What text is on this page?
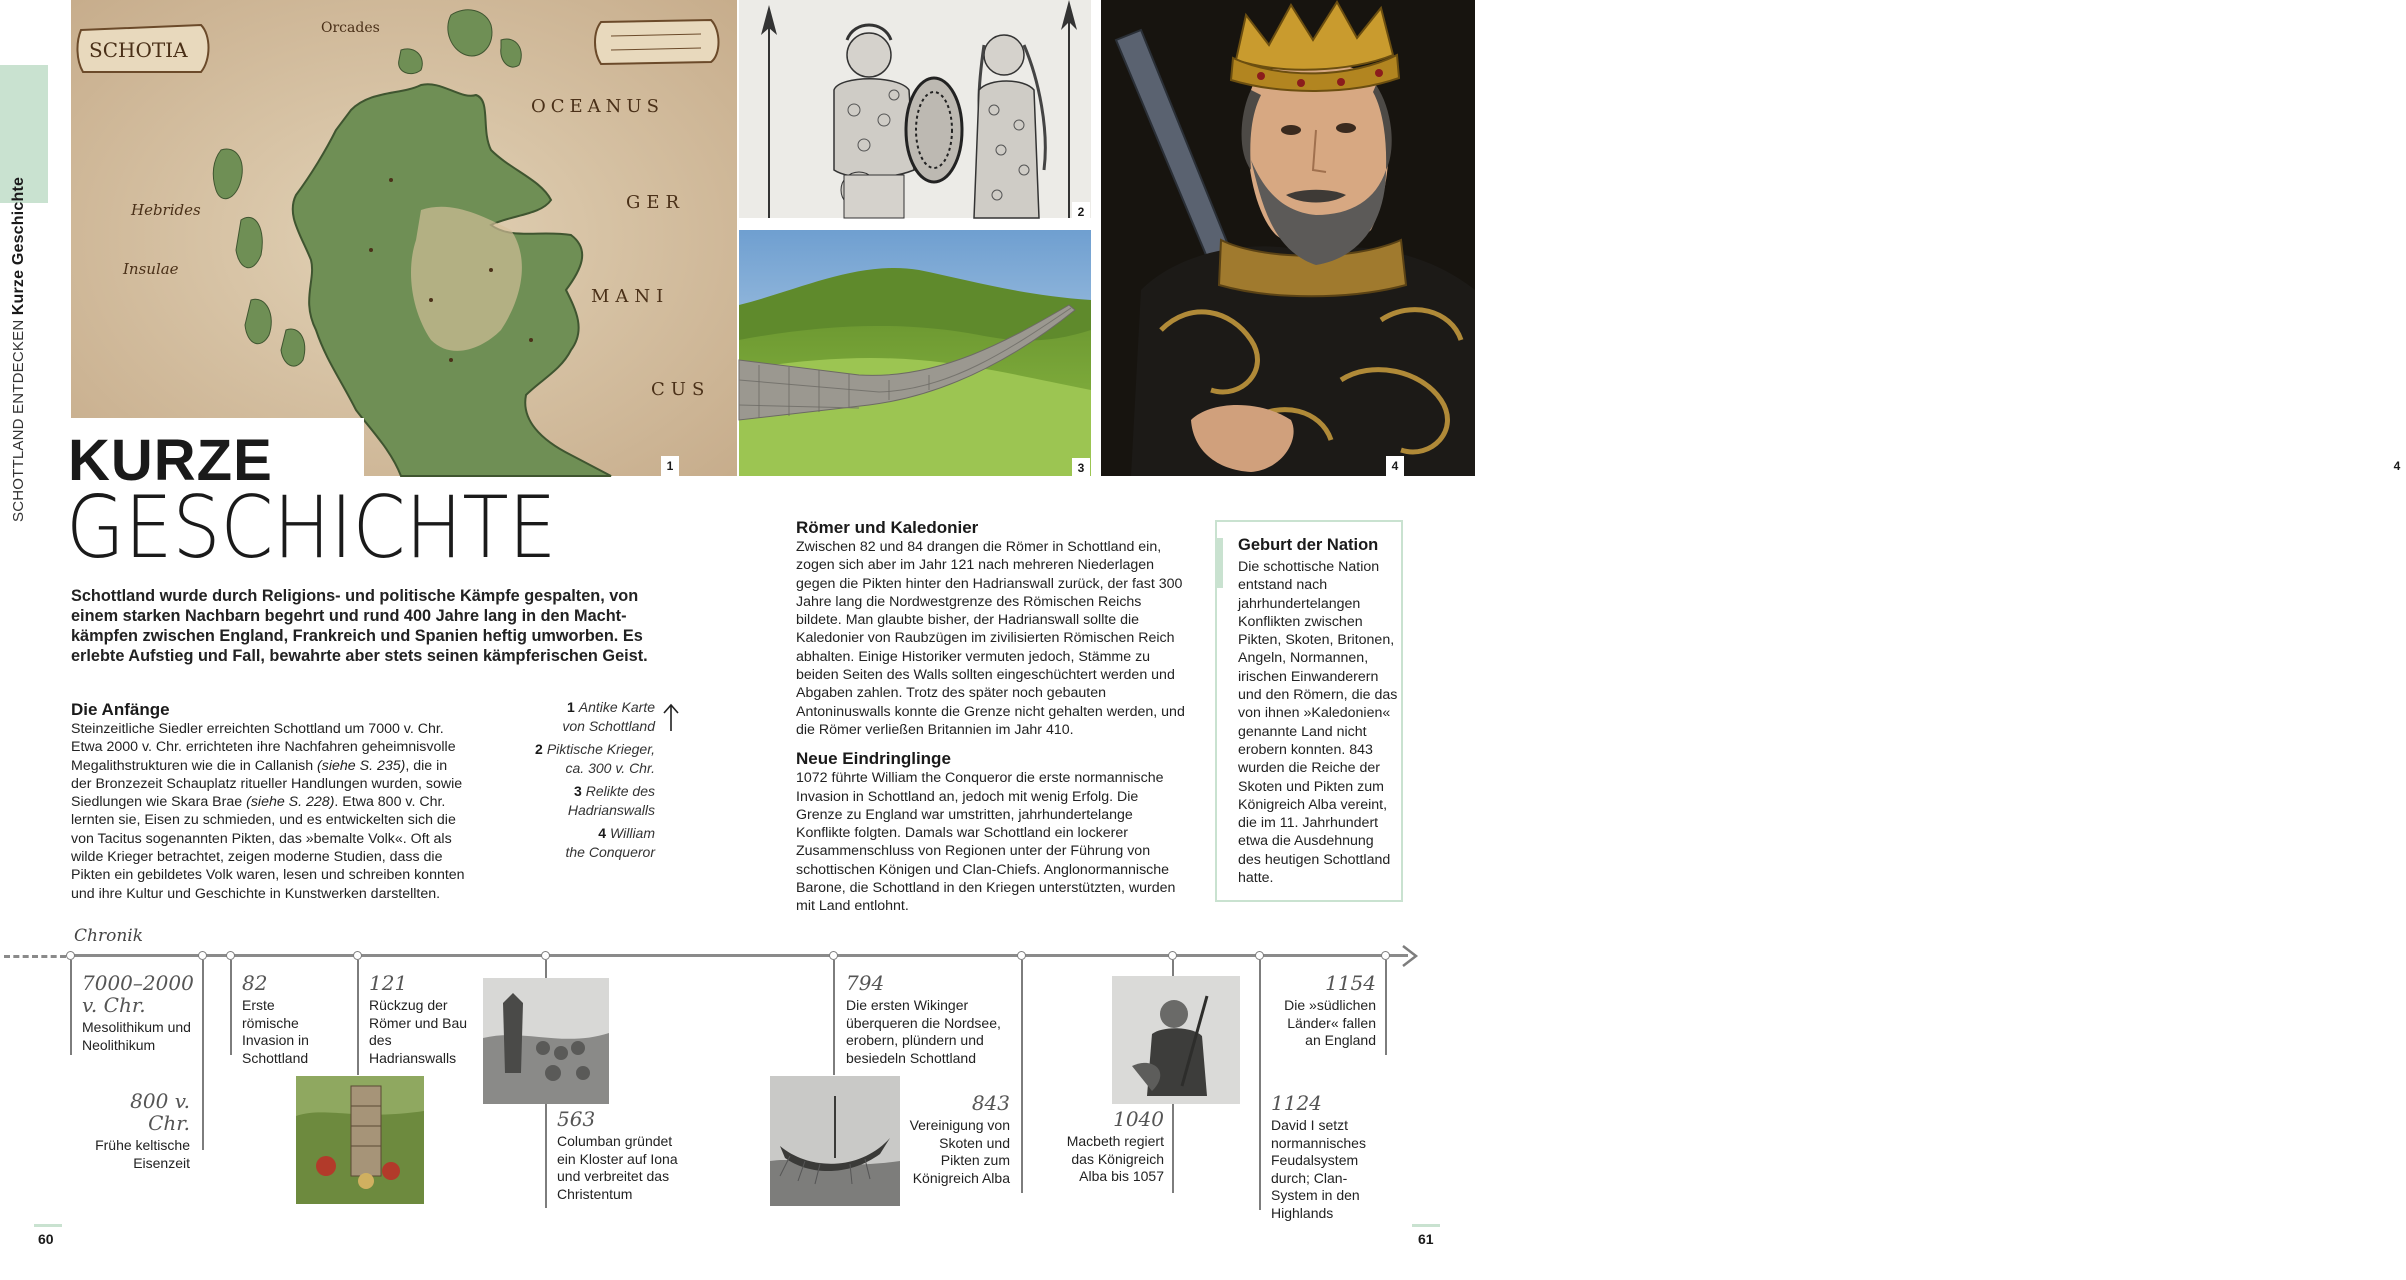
SCHOTTLAND ENTDECKEN Kurze Geschichte
SCHOTIA
OCEANUS
GER
MANI
CUS
Hebrides
Insulae
Orcades
1
2
3	4
4
KURZE
GESCHICHTE

Schottland wurde durch Religions- und politische Kämpfe gespalten, von einem starken Nachbarn begehrt und rund 400 Jahre lang in den Macht-kämpfen zwischen England, Frankreich und Spanien heftig umworben. Es erlebte Aufstieg und Fall, bewahrte aber stets seinen kämpferischen Geist.

Die Anfänge

Steinzeitliche Siedler erreichten Schottland um 7000 v. Chr. Etwa 2000 v. Chr. errichteten ihre Nachfahren geheimnisvolle Megalithstrukturen wie die in Callanish (siehe S. 235), die in der Bronzezeit Schauplatz ritueller Handlungen wurden, sowie Siedlungen wie Skara Brae (siehe S. 228). Etwa 800 v. Chr. lernten sie, Eisen zu schmieden, und es entwickelten sich die von Tacitus sogenannten Pikten, das »bemalte Volk«. Oft als wilde Krieger betrachtet, zeigen moderne Studien, dass die Pikten ein gebildetes Volk waren, lesen und schreiben konnten und ihre Kultur und Geschichte in Kunstwerken darstellten.

1 Antike Karte
von Schottland
2 Piktische Krieger,
ca. 300 v. Chr.
3 Relikte des
Hadrianswalls
4 William
the Conqueror
Römer und Kaledonier

Zwischen 82 und 84 drangen die Römer in Schottland ein, zogen sich aber im Jahr 121 nach mehreren Niederlagen gegen die Pikten hinter den Hadrianswall zurück, der fast 300 Jahre lang die Nordwestgrenze des Römischen Reichs bildete. Man glaubte bisher, der Hadrianswall sollte die Kaledonier von Raubzügen im zivilisierten Römischen Reich abhalten. Einige Historiker vermuten jedoch, Stämme zu beiden Seiten des Walls sollten eingeschüchtert werden und Abgaben zahlen. Trotz des später noch gebauten Antoninuswalls konnte die Grenze nicht gehalten werden, und die Römer verließen Britannien im Jahr 410.

Neue Eindringlinge

1072 führte William the Conqueror die erste normannische Invasion in Schottland an, jedoch mit wenig Erfolg. Die Grenze zu England war umstritten, jahrhundertelange Konflikte folgten. Damals war Schottland ein lockerer Zusammenschluss von Regionen unter der Führung von schottischen Königen und Clan-Chiefs. Anglonormannische Barone, die Schottland in den Kriegen unterstützten, wurden mit Land entlohnt.

Geburt der Nation

Die schottische Nation entstand nach jahrhundertelangen Konflikten zwischen Pikten, Skoten, Britonen, Angeln, Normannen, irischen Einwanderern und den Römern, die das von ihnen »Kaledonien« genannte Land nicht erobern konnten. 843 wurden die Reiche der Skoten und Pikten zum Königreich Alba vereint, die im 11. Jahrhundert etwa die Ausdehnung des heutigen Schottland hatte.

Chronik
7000–2000 v. Chr.
Mesolithikum und Neolithikum
800 v. Chr.
Frühe keltische Eisenzeit
82
Erste römische Invasion in Schottland
121
Rückzug der Römer und Bau des Hadrianswalls
563
Columban gründet ein Kloster auf Iona und verbreitet das Christentum
794
Die ersten Wikinger überqueren die Nordsee, erobern, plündern und besiedeln Schottland
843
Vereinigung von Skoten und Pikten zum Königreich Alba
1040
Macbeth regiert das Königreich Alba bis 1057
1154
Die »südlichen Länder« fallen an England
1124
David I setzt normannisches Feudalsystem durch; Clan-System in den Highlands
60	61
